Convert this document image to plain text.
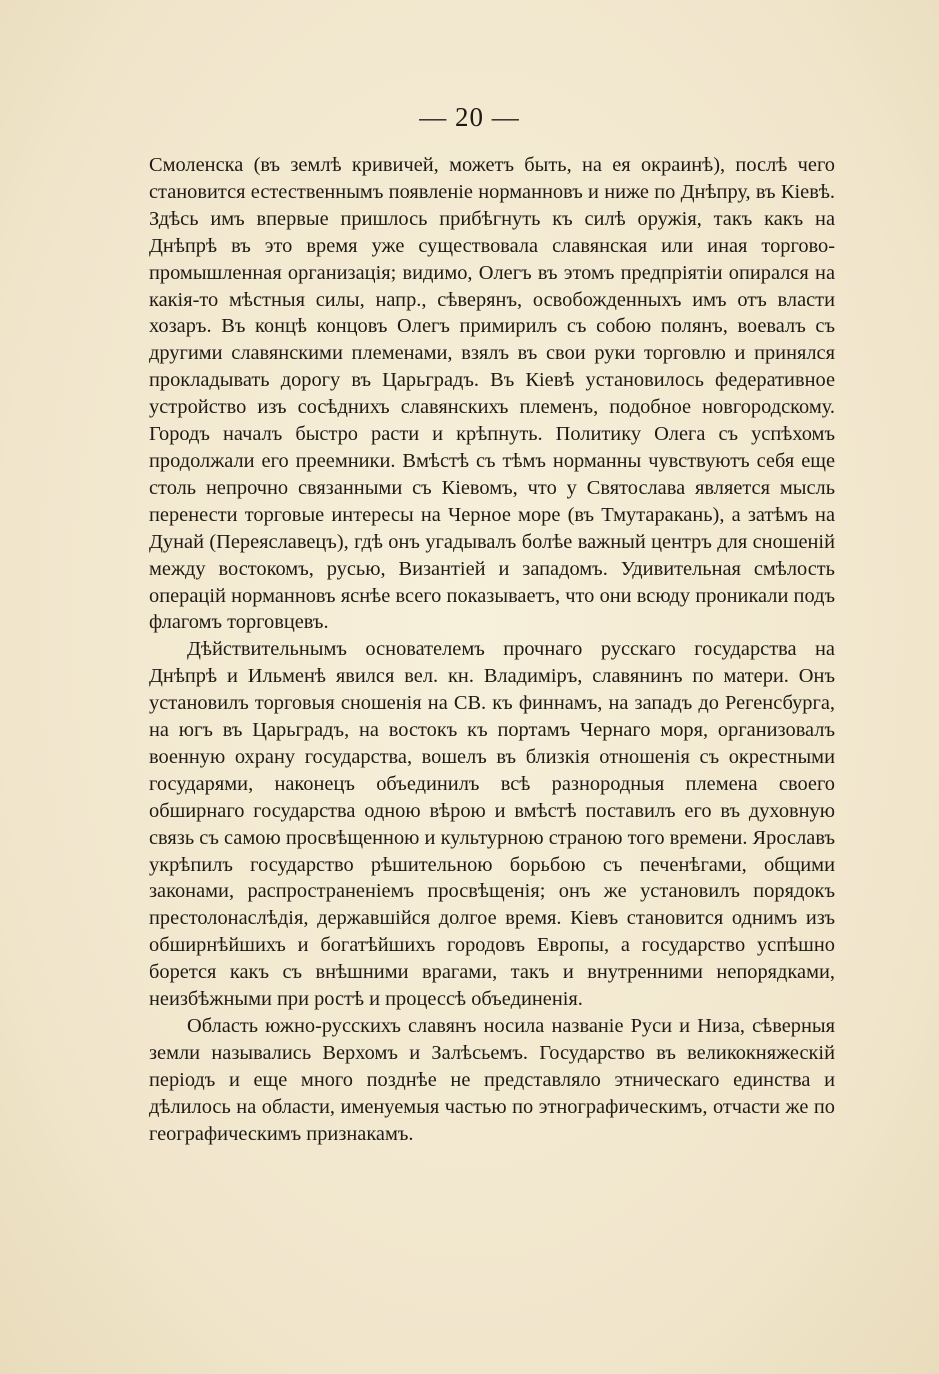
— 20 —

Смоленска (въ землѣ кривичей, можетъ быть, на ея окраинѣ), послѣ чего становится естественнымъ появленіе норманновъ и ниже по Днѣпру, въ Кіевѣ. Здѣсь имъ впервые пришлось прибѣгнуть къ силѣ оружія, такъ какъ на Днѣпрѣ въ это время уже существовала славянская или иная торгово-промышленная организація; видимо, Олегъ въ этомъ предпріятіи опирался на какія-то мѣстныя силы, напр., сѣверянъ, освобожденныхъ имъ отъ власти хозаръ. Въ концѣ концовъ Олегъ примирилъ съ собою полянъ, воевалъ съ другими славянскими племенами, взялъ въ свои руки торговлю и принялся прокладывать дорогу въ Царьградъ. Въ Кіевѣ установилось федеративное устройство изъ сосѣднихъ славянскихъ племенъ, подобное новгородскому. Городъ началъ быстро расти и крѣпнуть. Политику Олега съ успѣхомъ продолжали его преемники. Вмѣстѣ съ тѣмъ норманны чувствуютъ себя еще столь непрочно связанными съ Кіевомъ, что у Святослава является мысль перенести торговые интересы на Черное море (въ Тмутаракань), а затѣмъ на Дунай (Переяславецъ), гдѣ онъ угадывалъ болѣе важный центръ для сношеній между востокомъ, русью, Византіей и западомъ. Удивительная смѣлость операцій норманновъ яснѣе всего показываетъ, что они всюду проникали подъ флагомъ торговцевъ.

Дѣйствительнымъ основателемъ прочнаго русскаго государства на Днѣпрѣ и Ильменѣ явился вел. кн. Владиміръ, славянинъ по матери. Онъ установилъ торговыя сношенія на СВ. къ финнамъ, на западъ до Регенсбурга, на югъ въ Царьградъ, на востокъ къ портамъ Чернаго моря, организовалъ военную охрану государства, вошелъ въ близкія отношенія съ окрестными государями, наконецъ объединилъ всѣ разнородныя племена своего обширнаго государства одною вѣрою и вмѣстѣ поставилъ его въ духовную связь съ самою просвѣщенною и культурною страною того времени. Ярославъ укрѣпилъ государство рѣшительною борьбою съ печенѣгами, общими законами, распространеніемъ просвѣщенія; онъ же установилъ порядокъ престолонаслѣдія, державшійся долгое время. Кіевъ становится однимъ изъ обширнѣйшихъ и богатѣйшихъ городовъ Европы, а государство успѣшно борется какъ съ внѣшними врагами, такъ и внутренними непорядками, неизбѣжными при ростѣ и процессѣ объединенія.

Область южно-русскихъ славянъ носила названіе Руси и Низа, сѣверныя земли назывались Верхомъ и Залѣсьемъ. Государство въ великокняжескій періодъ и еще много позднѣе не представляло этническаго единства и дѣлилось на области, именуемыя частью по этнографическимъ, отчасти же по географическимъ признакамъ.
